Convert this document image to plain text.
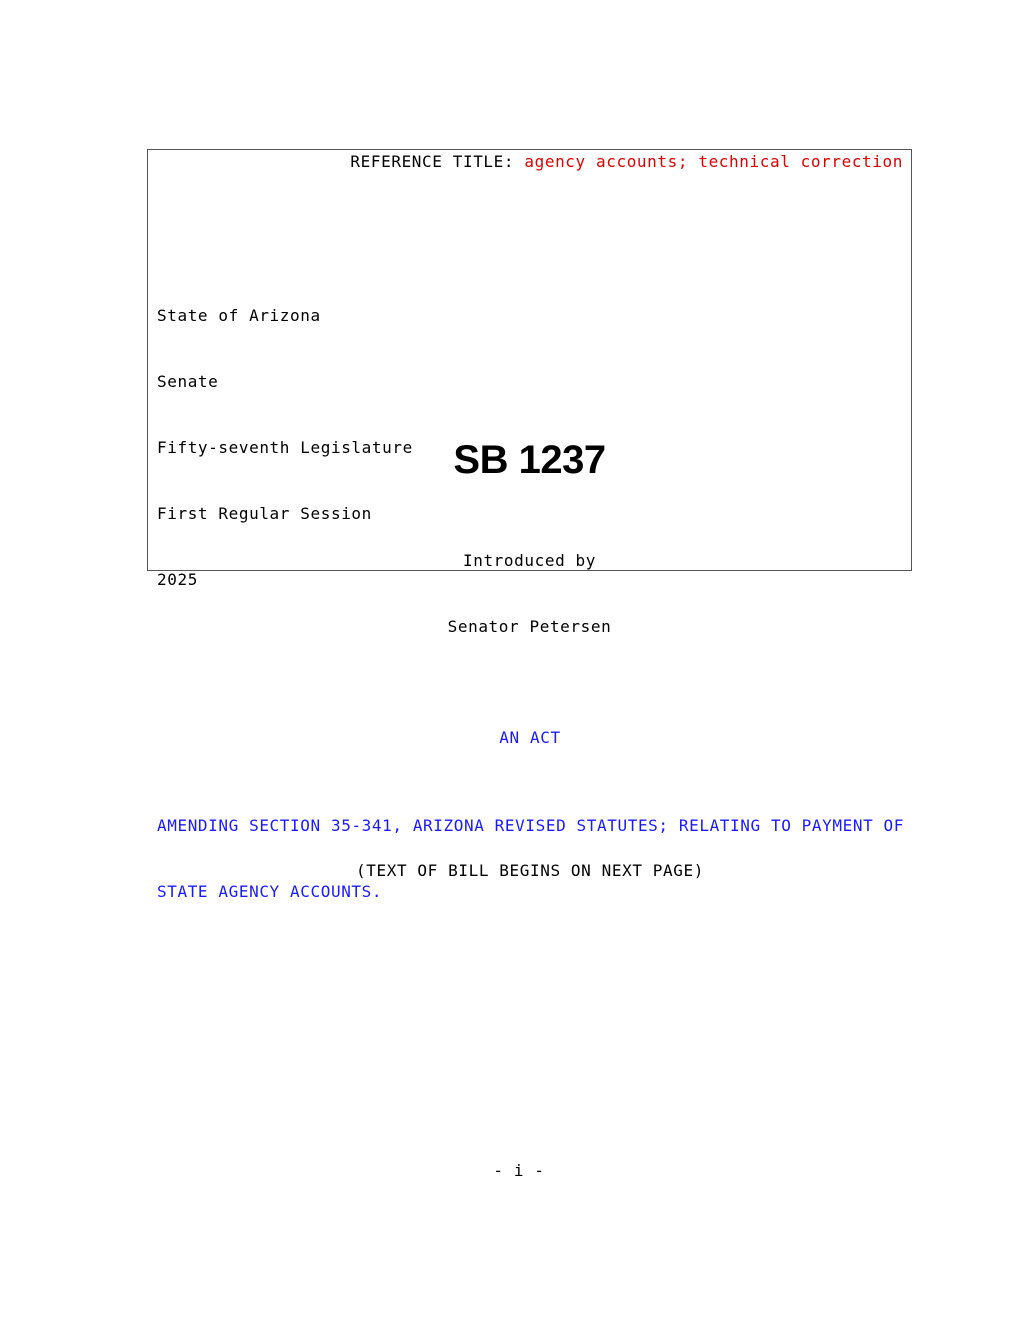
REFERENCE TITLE: agency accounts; technical correction

State of Arizona

Senate

Fifty-seventh Legislature

First Regular Session

2025

SB 1237

Introduced by

Senator Petersen

AN ACT

AMENDING SECTION 35-341, ARIZONA REVISED STATUTES; RELATING TO PAYMENT OF

STATE AGENCY ACCOUNTS.

(TEXT OF BILL BEGINS ON NEXT PAGE)
- i -
